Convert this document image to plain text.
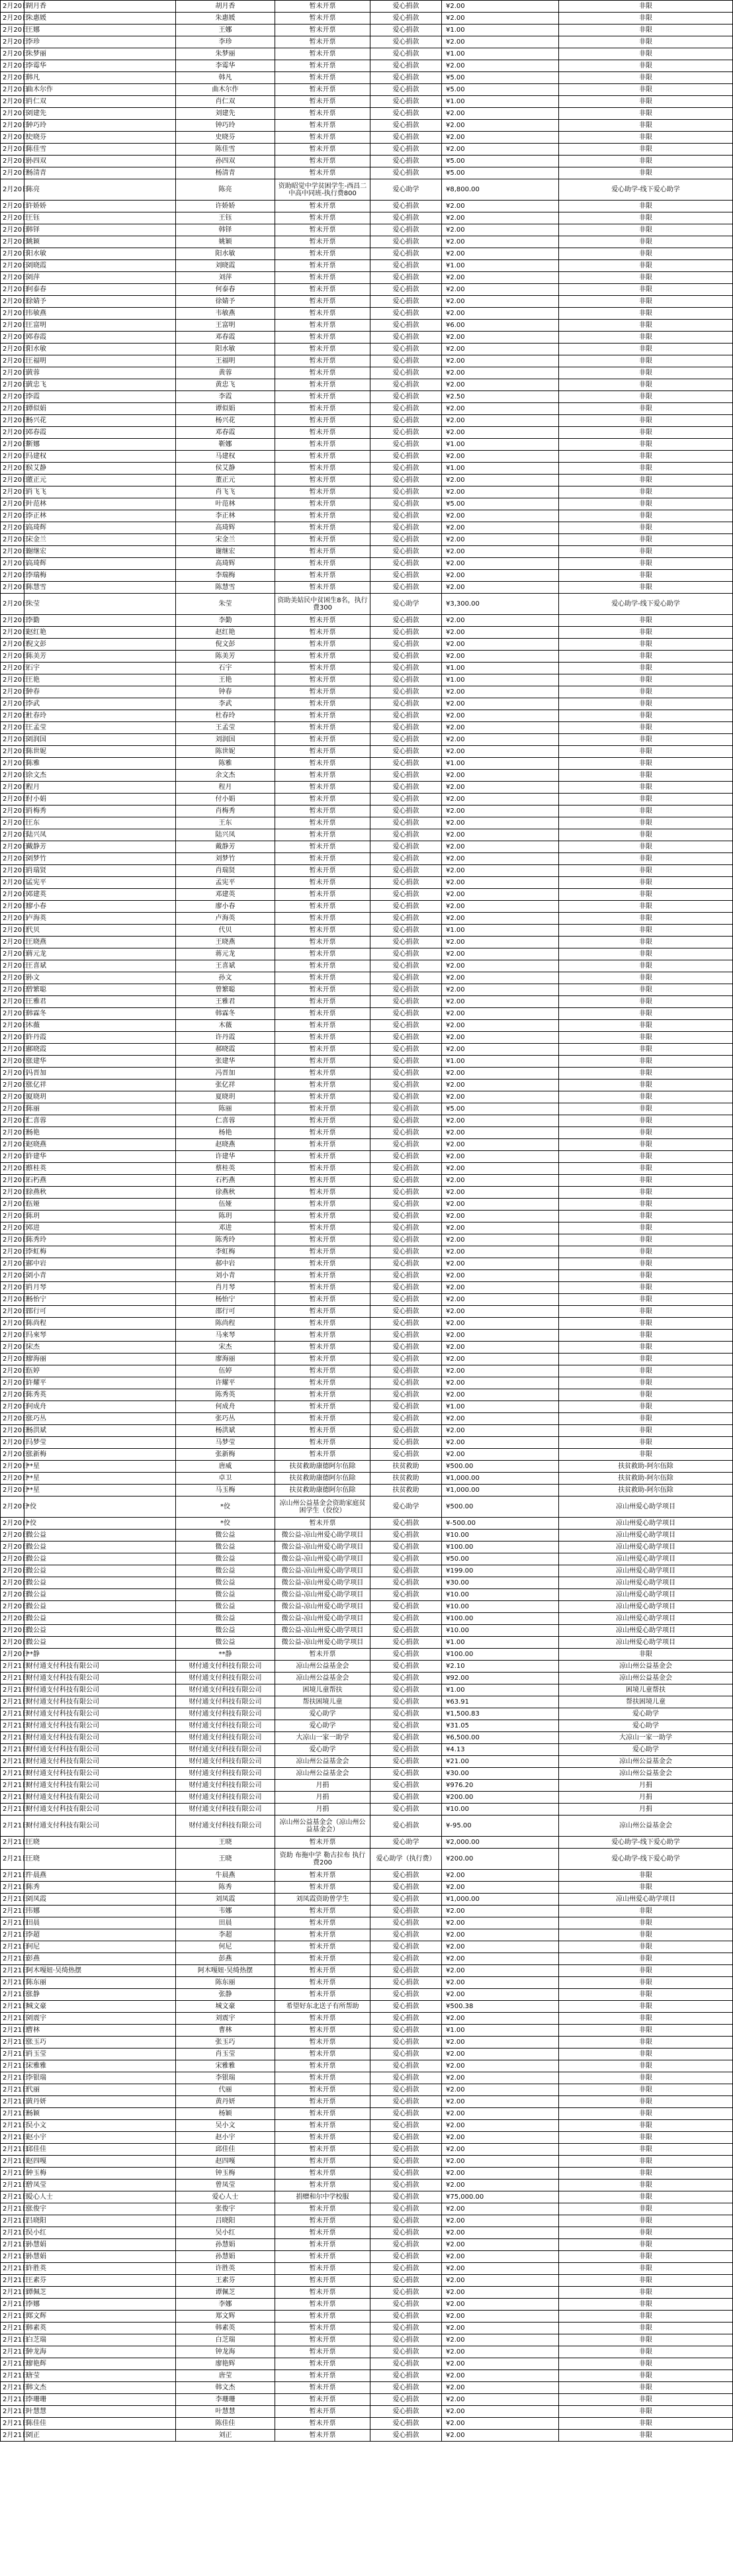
2月20日	胡月香	胡月香	暂未开票	爱心捐款	¥2.00	非限
2月20日	朱惠媛	朱惠媛	暂未开票	爱心捐款	¥2.00	非限
2月20日	王娜	王娜	暂未开票	爱心捐款	¥1.00	非限
2月20日	李珍	李珍	暂未开票	爱心捐款	¥2.00	非限
2月20日	朱梦丽	朱梦丽	暂未开票	爱心捐款	¥1.00	非限
2月20日	李霉华	李霉华	暂未开票	爱心捐款	¥2.00	非限
2月20日	韩凡	韩凡	暂未开票	爱心捐款	¥5.00	非限
2月20日	曲木尔作	曲木尔作	暂未开票	爱心捐款	¥5.00	非限
2月20日	肖仁双	肖仁双	暂未开票	爱心捐款	¥1.00	非限
2月20日	刘建先	刘建先	暂未开票	爱心捐款	¥2.00	非限
2月20日	钟巧玲	钟巧玲	暂未开票	爱心捐款	¥2.00	非限
2月20日	史晓芬	史晓芬	暂未开票	爱心捐款	¥2.00	非限
2月20日	陈佳雪	陈佳雪	暂未开票	爱心捐款	¥2.00	非限
2月20日	孙四双	孙四双	暂未开票	爱心捐款	¥5.00	非限
2月20日	杨清青	杨清青	暂未开票	爱心捐款	¥5.00	非限
2月20日	陈亮	陈亮	资助昭觉中学贫困学生-西昌二中高中同班-执行费800	爱心助学	¥8,800.00	爱心助学-线下爱心助学
2月20日	许娇娇	许娇娇	暂未开票	爱心捐款	¥2.00	非限
2月20日	王钰	王钰	暂未开票	爱心捐款	¥2.00	非限
2月20日	韩铎	韩铎	暂未开票	爱心捐款	¥2.00	非限
2月20日	姚颖	姚颖	暂未开票	爱心捐款	¥2.00	非限
2月20日	阳水敏	阳水敏	暂未开票	爱心捐款	¥2.00	非限
2月20日	刘晓霞	刘晓霞	暂未开票	爱心捐款	¥1.00	非限
2月20日	刘萍	刘萍	暂未开票	爱心捐款	¥2.00	非限
2月20日	何泰春	何泰春	暂未开票	爱心捐款	¥2.00	非限
2月20日	徐婧予	徐婧予	暂未开票	爱心捐款	¥2.00	非限
2月20日	韦敏燕	韦敏燕	暂未开票	爱心捐款	¥2.00	非限
2月20日	王富明	王富明	暂未开票	爱心捐款	¥6.00	非限
2月20日	邓春霞	邓春霞	暂未开票	爱心捐款	¥2.00	非限
2月20日	阳水敏	阳水敏	暂未开票	爱心捐款	¥2.00	非限
2月20日	王福明	王福明	暂未开票	爱心捐款	¥2.00	非限
2月20日	黄蓉	黄蓉	暂未开票	爱心捐款	¥2.00	非限
2月20日	黄忠飞	黄忠飞	暂未开票	爱心捐款	¥2.00	非限
2月20日	李霞	李霞	暂未开票	爱心捐款	¥2.50	非限
2月20日	谭似娟	谭似娟	暂未开票	爱心捐款	¥2.00	非限
2月20日	杨兴花	杨兴花	暂未开票	爱心捐款	¥2.00	非限
2月20日	邓春霞	邓春霞	暂未开票	爱心捐款	¥2.00	非限
2月20日	靳娜	靳娜	暂未开票	爱心捐款	¥1.00	非限
2月20日	马建权	马建权	暂未开票	爱心捐款	¥2.00	非限
2月20日	侯艾静	侯艾静	暂未开票	爱心捐款	¥1.00	非限
2月20日	董正元	董正元	暂未开票	爱心捐款	¥2.00	非限
2月20日	肖飞飞	肖飞飞	暂未开票	爱心捐款	¥2.00	非限
2月20日	叶范林	叶范林	暂未开票	爱心捐款	¥5.00	非限
2月20日	李正林	李正林	暂未开票	爱心捐款	¥2.00	非限
2月20日	高琦辉	高琦辉	暂未开票	爱心捐款	¥2.00	非限
2月20日	宋金兰	宋金兰	暂未开票	爱心捐款	¥2.00	非限
2月20日	谢继宏	谢继宏	暂未开票	爱心捐款	¥2.00	非限
2月20日	高琦辉	高琦辉	暂未开票	爱心捐款	¥2.00	非限
2月20日	李瑞梅	李瑞梅	暂未开票	爱心捐款	¥2.00	非限
2月20日	陈慧雪	陈慧雪	暂未开票	爱心捐款	¥2.00	非限
2月20日	朱莹	朱莹	资助美姑民中贫困生8名，执行费300	爱心助学	¥3,300.00	爱心助学-线下爱心助学
2月20日	李勤	李勤	暂未开票	爱心捐款	¥2.00	非限
2月20日	赵红艳	赵红艳	暂未开票	爱心捐款	¥2.00	非限
2月20日	倪文彭	倪文彭	暂未开票	爱心捐款	¥2.00	非限
2月20日	陈美芳	陈美芳	暂未开票	爱心捐款	¥2.00	非限
2月20日	石宇	石宇	暂未开票	爱心捐款	¥1.00	非限
2月20日	王艳	王艳	暂未开票	爱心捐款	¥1.00	非限
2月20日	钟春	钟春	暂未开票	爱心捐款	¥2.00	非限
2月20日	李武	李武	暂未开票	爱心捐款	¥2.00	非限
2月20日	杜春玲	杜春玲	暂未开票	爱心捐款	¥2.00	非限
2月20日	王孟莹	王孟莹	暂未开票	爱心捐款	¥2.00	非限
2月20日	刘润国	刘润国	暂未开票	爱心捐款	¥2.00	非限
2月20日	陈世妮	陈世妮	暂未开票	爱心捐款	¥2.00	非限
2月20日	陈雅	陈雅	暂未开票	爱心捐款	¥1.00	非限
2月20日	余文杰	余文杰	暂未开票	爱心捐款	¥2.00	非限
2月20日	程月	程月	暂未开票	爱心捐款	¥2.00	非限
2月20日	付小娟	付小娟	暂未开票	爱心捐款	¥2.00	非限
2月20日	肖梅秀	肖梅秀	暂未开票	爱心捐款	¥2.00	非限
2月20日	王东	王东	暂未开票	爱心捐款	¥2.00	非限
2月20日	陆兴凤	陆兴凤	暂未开票	爱心捐款	¥2.00	非限
2月20日	戴静芳	戴静芳	暂未开票	爱心捐款	¥2.00	非限
2月20日	刘梦竹	刘梦竹	暂未开票	爱心捐款	¥2.00	非限
2月20日	肖瑞贤	肖瑞贤	暂未开票	爱心捐款	¥2.00	非限
2月20日	孟宪平	孟宪平	暂未开票	爱心捐款	¥2.00	非限
2月20日	邓建英	邓建英	暂未开票	爱心捐款	¥2.00	非限
2月20日	廖小春	廖小春	暂未开票	爱心捐款	¥2.00	非限
2月20日	卢海英	卢海英	暂未开票	爱心捐款	¥2.00	非限
2月20日	代贝	代贝	暂未开票	爱心捐款	¥1.00	非限
2月20日	王晓燕	王晓燕	暂未开票	爱心捐款	¥2.00	非限
2月20日	蒋元龙	蒋元龙	暂未开票	爱心捐款	¥2.00	非限
2月20日	王喜斌	王喜斌	暂未开票	爱心捐款	¥2.00	非限
2月20日	孙文	孙文	暂未开票	爱心捐款	¥2.00	非限
2月20日	曾繁聪	曾繁聪	暂未开票	爱心捐款	¥2.00	非限
2月20日	王雅君	王雅君	暂未开票	爱心捐款	¥2.00	非限
2月20日	韩霖冬	韩霖冬	暂未开票	爱心捐款	¥2.00	非限
2月20日	木薇	木薇	暂未开票	爱心捐款	¥2.00	非限
2月20日	许丹霞	许丹霞	暂未开票	爱心捐款	¥2.00	非限
2月20日	郝晓霞	郝晓霞	暂未开票	爱心捐款	¥2.00	非限
2月20日	张建华	张建华	暂未开票	爱心捐款	¥1.00	非限
2月20日	冯晋加	冯晋加	暂未开票	爱心捐款	¥2.00	非限
2月20日	张亿祥	张亿祥	暂未开票	爱心捐款	¥2.00	非限
2月20日	夏晓玥	夏晓玥	暂未开票	爱心捐款	¥2.00	非限
2月20日	陈丽	陈丽	暂未开票	爱心捐款	¥5.00	非限
2月20日	仁喜蓉	仁喜蓉	暂未开票	爱心捐款	¥2.00	非限
2月20日	杨艳	杨艳	暂未开票	爱心捐款	¥2.00	非限
2月20日	赵晓燕	赵晓燕	暂未开票	爱心捐款	¥2.00	非限
2月20日	许建华	许建华	暂未开票	爱心捐款	¥2.00	非限
2月20日	蔡桂英	蔡桂英	暂未开票	爱心捐款	¥2.00	非限
2月20日	石朽燕	石朽燕	暂未开票	爱心捐款	¥2.00	非限
2月20日	徐燕秋	徐燕秋	暂未开票	爱心捐款	¥2.00	非限
2月20日	伍娅	伍娅	暂未开票	爱心捐款	¥2.00	非限
2月20日	陈玥	陈玥	暂未开票	爱心捐款	¥2.00	非限
2月20日	邓进	邓进	暂未开票	爱心捐款	¥2.00	非限
2月20日	陈秀玲	陈秀玲	暂未开票	爱心捐款	¥2.00	非限
2月20日	李虹梅	李虹梅	暂未开票	爱心捐款	¥2.00	非限
2月20日	郝中岩	郝中岩	暂未开票	爱心捐款	¥2.00	非限
2月20日	刘小青	刘小青	暂未开票	爱心捐款	¥2.00	非限
2月20日	肖月琴	肖月琴	暂未开票	爱心捐款	¥2.00	非限
2月20日	杨怡宁	杨怡宁	暂未开票	爱心捐款	¥2.00	非限
2月20日	邵行可	邵行可	暂未开票	爱心捐款	¥2.00	非限
2月20日	陈尚程	陈尚程	暂未开票	爱心捐款	¥2.00	非限
2月20日	马來琴	马來琴	暂未开票	爱心捐款	¥2.00	非限
2月20日	宋杰	宋杰	暂未开票	爱心捐款	¥2.00	非限
2月20日	廖海丽	廖海丽	暂未开票	爱心捐款	¥2.00	非限
2月20日	伍婷	伍婷	暂未开票	爱心捐款	¥2.00	非限
2月20日	许耀平	许耀平	暂未开票	爱心捐款	¥2.00	非限
2月20日	陈秀英	陈秀英	暂未开票	爱心捐款	¥2.00	非限
2月20日	何成舟	何成舟	暂未开票	爱心捐款	¥1.00	非限
2月20日	张巧丛	张巧丛	暂未开票	爱心捐款	¥2.00	非限
2月20日	杨洪斌	杨洪斌	暂未开票	爱心捐款	¥2.00	非限
2月20日	马梦莹	马梦莹	暂未开票	爱心捐款	¥2.00	非限
2月20日	张新梅	张新梅	暂未开票	爱心捐款	¥2.00	非限
2月20日	**星	唐威	扶贫救助康德阿尔伍除	扶贫救助	¥500.00	扶贫救助-阿尔伍除
2月20日	**星	卓卫	扶贫救助康德阿尔伍除	扶贫救助	¥1,000.00	扶贫救助-阿尔伍除
2月20日	**星	马玉梅	扶贫救助康德阿尔伍除	扶贫救助	¥1,000.00	扶贫救助-阿尔伍除
2月20日	*佼	*佼	凉山州公益基金会资助家庭贫困学生（佼佼）	爱心助学	¥500.00	凉山州爱心助学项目
2月20日	*佼	*佼	暂未开票	爱心捐款	¥-500.00	凉山州爱心助学项目
2月20日	微公益	微公益	微公益-凉山州爱心助学项目	爱心捐款	¥10.00	凉山州爱心助学项目
2月20日	微公益	微公益	微公益-凉山州爱心助学项目	爱心捐款	¥100.00	凉山州爱心助学项目
2月20日	微公益	微公益	微公益-凉山州爱心助学项目	爱心捐款	¥50.00	凉山州爱心助学项目
2月20日	微公益	微公益	微公益-凉山州爱心助学项目	爱心捐款	¥199.00	凉山州爱心助学项目
2月20日	微公益	微公益	微公益-凉山州爱心助学项目	爱心捐款	¥30.00	凉山州爱心助学项目
2月20日	微公益	微公益	微公益-凉山州爱心助学项目	爱心捐款	¥10.00	凉山州爱心助学项目
2月20日	微公益	微公益	微公益-凉山州爱心助学项目	爱心捐款	¥10.00	凉山州爱心助学项目
2月20日	微公益	微公益	微公益-凉山州爱心助学项目	爱心捐款	¥100.00	凉山州爱心助学项目
2月20日	微公益	微公益	微公益-凉山州爱心助学项目	爱心捐款	¥10.00	凉山州爱心助学项目
2月20日	微公益	微公益	微公益-凉山州爱心助学项目	爱心捐款	¥1.00	凉山州爱心助学项目
2月20日	**静	**静	暂未开票	爱心捐款	¥100.00	非限
2月21日	财付通支付科技有限公司	财付通支付科技有限公司	凉山州公益基金会	爱心捐款	¥2.10	凉山州公益基金会
2月21日	财付通支付科技有限公司	财付通支付科技有限公司	凉山州公益基金会	爱心捐款	¥92.00	凉山州公益基金会
2月21日	财付通支付科技有限公司	财付通支付科技有限公司	困境儿童帮扶	爱心捐款	¥1.00	困境儿童帮扶
2月21日	财付通支付科技有限公司	财付通支付科技有限公司	帮扶困境儿童	爱心捐款	¥63.91	帮扶困境儿童
2月21日	财付通支付科技有限公司	财付通支付科技有限公司	爱心助学	爱心捐款	¥1,500.83	爱心助学
2月21日	财付通支付科技有限公司	财付通支付科技有限公司	爱心助学	爱心捐款	¥31.05	爱心助学
2月21日	财付通支付科技有限公司	财付通支付科技有限公司	大凉山一家一助学	爱心捐款	¥6,500.00	大凉山一家一助学
2月21日	财付通支付科技有限公司	财付通支付科技有限公司	爱心助学	爱心捐款	¥4.13	爱心助学
2月21日	财付通支付科技有限公司	财付通支付科技有限公司	凉山州公益基金会	爱心捐款	¥21.00	凉山州公益基金会
2月21日	财付通支付科技有限公司	财付通支付科技有限公司	凉山州公益基金会	爱心捐款	¥30.00	凉山州公益基金会
2月21日	财付通支付科技有限公司	财付通支付科技有限公司	月捐	爱心捐款	¥976.20	月捐
2月21日	财付通支付科技有限公司	财付通支付科技有限公司	月捐	爱心捐款	¥200.00	月捐
2月21日	财付通支付科技有限公司	财付通支付科技有限公司	月捐	爱心捐款	¥10.00	月捐
2月21日	财付通支付科技有限公司	财付通支付科技有限公司	凉山州公益基金会（凉山州公益基金会）	爱心捐款	¥-95.00	凉山州公益基金会
2月21日	王晓	王晓	暂未开票	爱心助学	¥2,000.00	爱心助学-线下爱心助学
2月21日	王晓	王晓	资助 布拖中学 勒古拉布 执行费200	爱心助学（执行费）	¥200.00	爱心助学-线下爱心助学
2月21日	牛晨燕	牛晨燕	暂未开票	爱心捐款	¥2.00	非限
2月21日	陈秀	陈秀	暂未开票	爱心捐款	¥2.00	非限
2月21日	刘凤霞	刘凤霞	刘凤霞资助曾学生	爱心捐款	¥1,000.00	凉山州爱心助学项目
2月21日	韦娜	韦娜	暂未开票	爱心捐款	¥2.00	非限
2月21日	田晨	田晨	暂未开票	爱心捐款	¥2.00	非限
2月21日	李超	李超	暂未开票	爱心捐款	¥2.00	非限
2月21日	何尼	何尼	暂未开票	爱心捐款	¥2.00	非限
2月21日	彭燕	彭燕	暂未开票	爱心捐款	¥2.00	非限
2月21日	阿木嘎妞·吴绮热摆	阿木嘎妞·吴绮热摆	暂未开票	爱心捐款	¥2.00	非限
2月21日	陈东丽	陈东丽	暂未开票	爱心捐款	¥2.00	非限
2月21日	张静	张静	暂未开票	爱心捐款	¥2.00	非限
2月21日	城文豪	城文豪	希望好东北送子有所帮助	爱心捐款	¥500.38	非限
2月21日	刘震宇	刘震宇	暂未开票	爱心捐款	¥2.00	非限
2月21日	曹林	曹林	暂未开票	爱心捐款	¥1.00	非限
2月21日	张玉巧	张玉巧	暂未开票	爱心捐款	¥2.00	非限
2月21日	肖玉莹	肖玉莹	暂未开票	爱心捐款	¥2.00	非限
2月21日	宋雅雅	宋雅雅	暂未开票	爱心捐款	¥2.00	非限
2月21日	李银瑞	李银瑞	暂未开票	爱心捐款	¥2.00	非限
2月21日	代丽	代丽	暂未开票	爱心捐款	¥2.00	非限
2月21日	黄丹妍	黄丹妍	暂未开票	爱心捐款	¥2.00	非限
2月21日	杨颖	杨颖	暂未开票	爱心捐款	¥2.00	非限
2月21日	吴小文	吴小文	暂未开票	爱心捐款	¥2.00	非限
2月21日	赵小宇	赵小宇	暂未开票	爱心捐款	¥2.00	非限
2月21日	邱佳佳	邱佳佳	暂未开票	爱心捐款	¥2.00	非限
2月21日	赵四嘎	赵四嘎	暂未开票	爱心捐款	¥2.00	非限
2月21日	钟玉梅	钟玉梅	暂未开票	爱心捐款	¥2.00	非限
2月21日	曾凤莹	曾凤莹	暂未开票	爱心捐款	¥2.00	非限
2月21日	爱心人士	爱心人士	捐赠和尔中学校服	爱心捐款	¥75,000.00	非限
2月21日	张俊宇	张俊宇	暂未开票	爱心捐款	¥2.00	非限
2月21日	吕晓阳	吕晓阳	暂未开票	爱心捐款	¥2.00	非限
2月21日	吴小红	吴小红	暂未开票	爱心捐款	¥2.00	非限
2月21日	孙慧娟	孙慧娟	暂未开票	爱心捐款	¥2.00	非限
2月21日	孙慧娟	孙慧娟	暂未开票	爱心捐款	¥2.00	非限
2月21日	许胜英	许胜英	暂未开票	爱心捐款	¥2.00	非限
2月21日	王素芬	王素芬	暂未开票	爱心捐款	¥2.00	非限
2月21日	谭佩芝	谭佩芝	暂未开票	爱心捐款	¥2.00	非限
2月21日	李娜	李娜	暂未开票	爱心捐款	¥2.00	非限
2月21日	郑文辉	郑文辉	暂未开票	爱心捐款	¥2.00	非限
2月21日	韩素英	韩素英	暂未开票	爱心捐款	¥2.00	非限
2月21日	白芝瑞	白芝瑞	暂未开票	爱心捐款	¥2.00	非限
2月21日	钟龙海	钟龙海	暂未开票	爱心捐款	¥2.00	非限
2月21日	廖艳辉	廖艳辉	暂未开票	爱心捐款	¥2.00	非限
2月21日	唐莹	唐莹	暂未开票	爱心捐款	¥2.00	非限
2月21日	韩文杰	韩文杰	暂未开票	爱心捐款	¥2.00	非限
2月21日	李珊珊	李珊珊	暂未开票	爱心捐款	¥2.00	非限
2月21日	叶慧慧	叶慧慧	暂未开票	爱心捐款	¥2.00	非限
2月21日	陈佳佳	陈佳佳	暂未开票	爱心捐款	¥2.00	非限
2月21日	刘正	刘正	暂未开票	爱心捐款	¥2.00	非限
